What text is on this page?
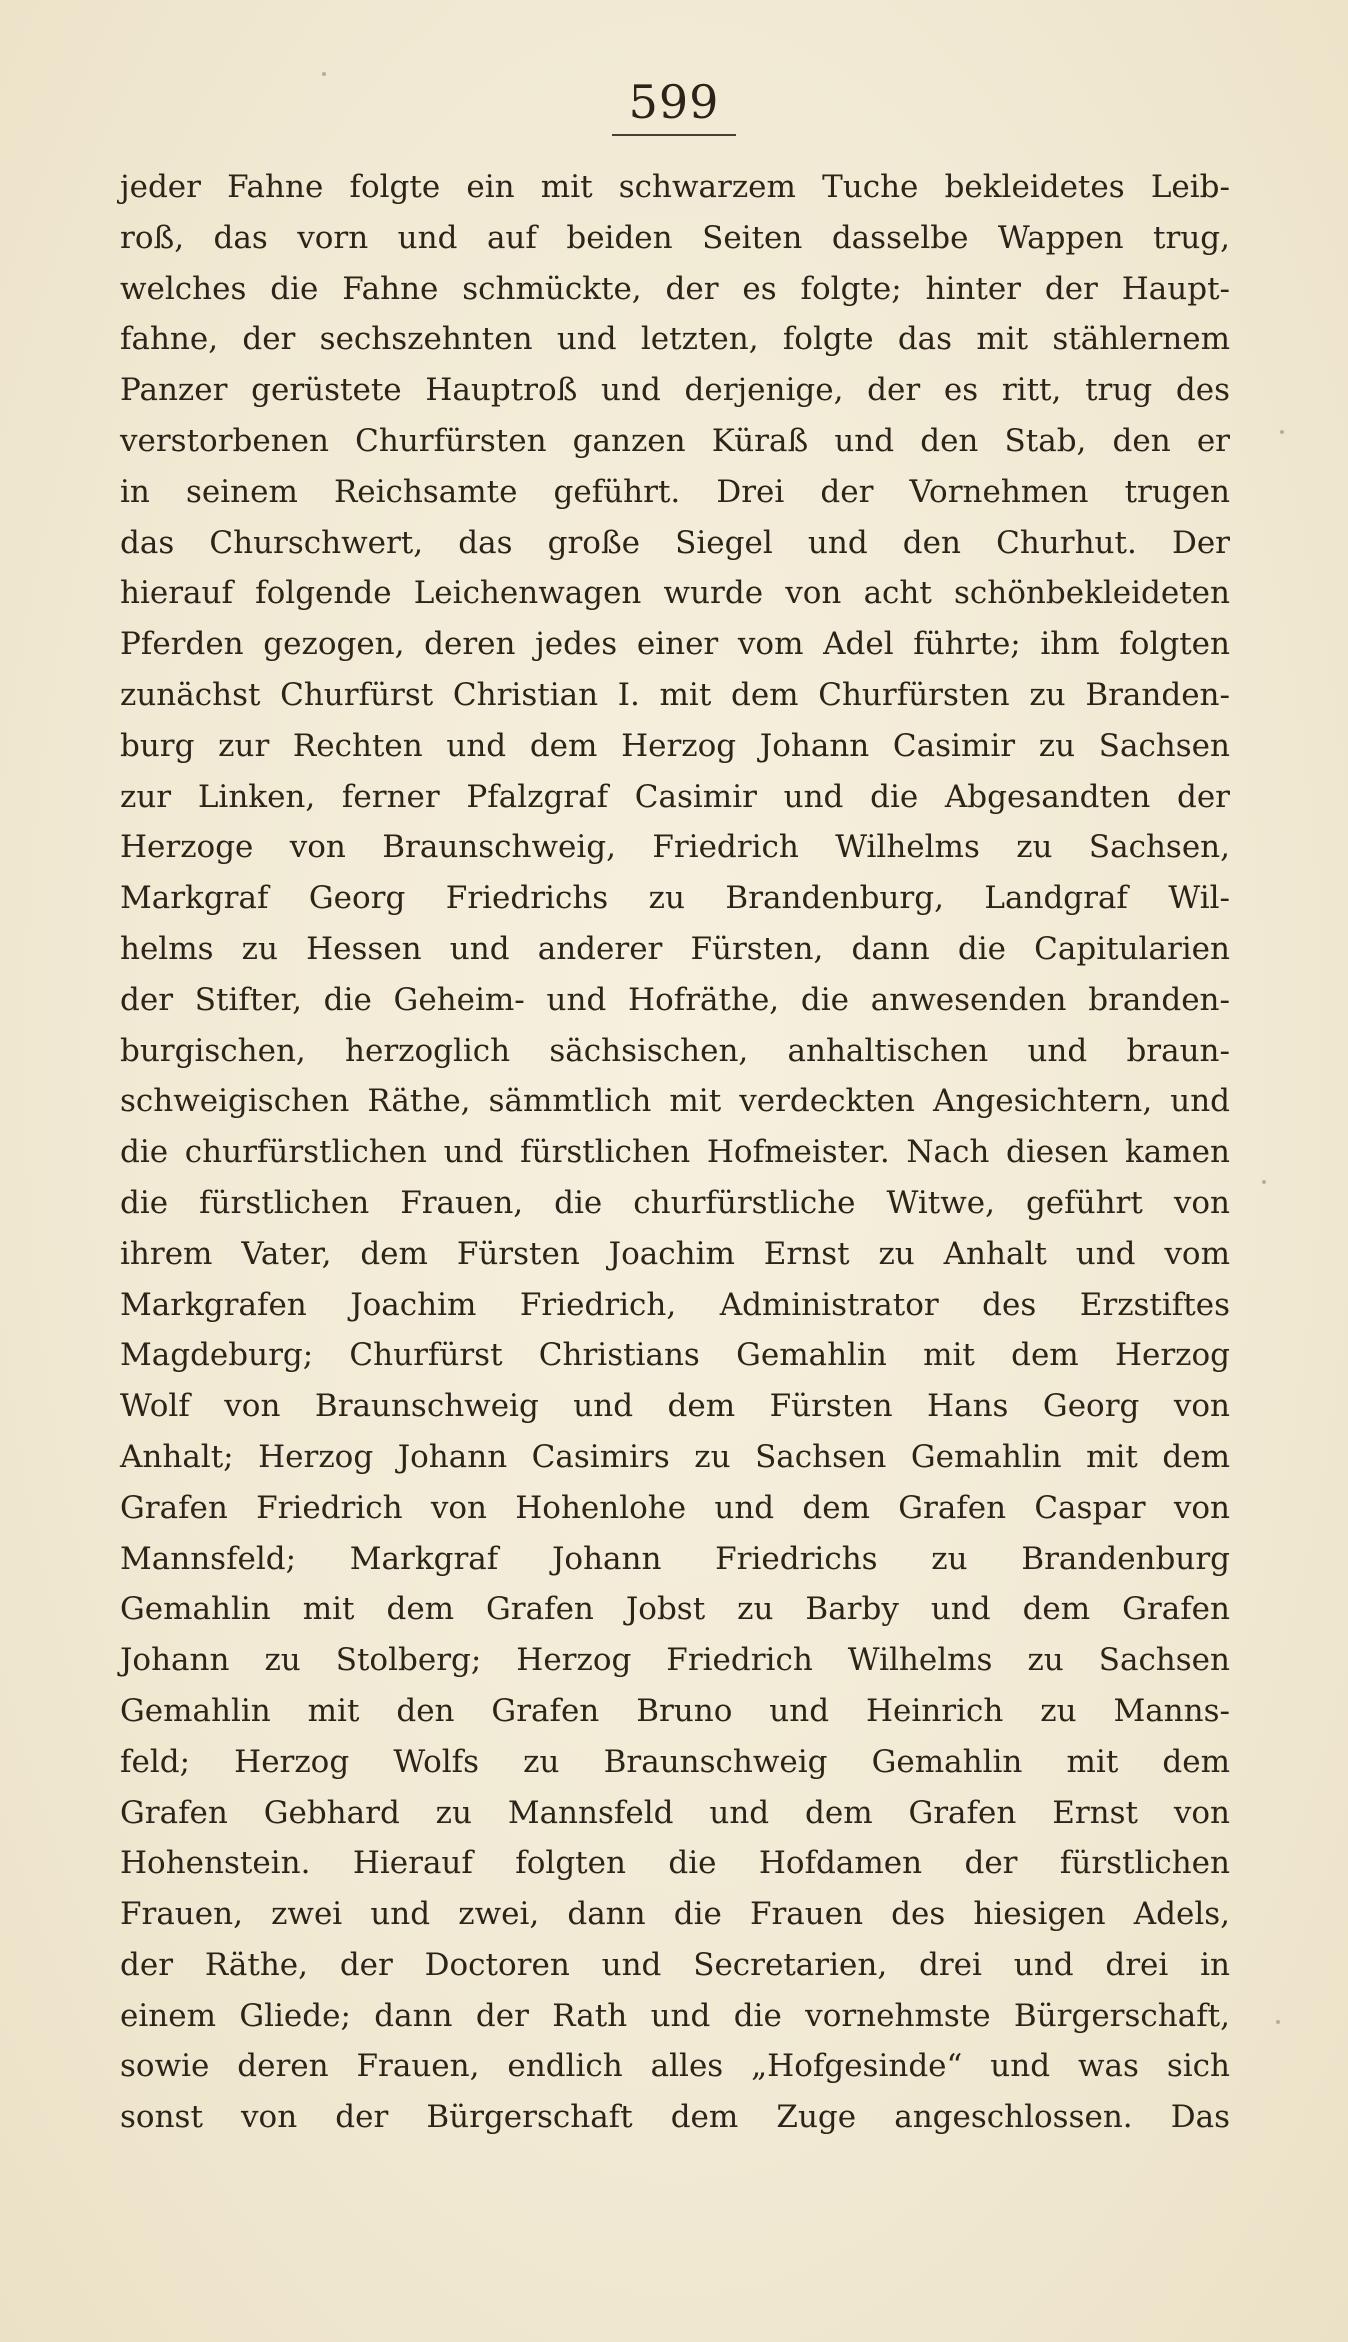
599
jeder Fahne folgte ein mit schwarzem Tuche bekleidetes Leib-
roß, das vorn und auf beiden Seiten dasselbe Wappen trug,
welches die Fahne schmückte, der es folgte; hinter der Haupt-
fahne, der sechszehnten und letzten, folgte das mit stählernem
Panzer gerüstete Hauptroß und derjenige, der es ritt, trug des
verstorbenen Churfürsten ganzen Küraß und den Stab, den er
in seinem Reichsamte geführt. Drei der Vornehmen trugen
das Churschwert, das große Siegel und den Churhut. Der
hierauf folgende Leichenwagen wurde von acht schönbekleideten
Pferden gezogen, deren jedes einer vom Adel führte; ihm folgten
zunächst Churfürst Christian I. mit dem Churfürsten zu Branden-
burg zur Rechten und dem Herzog Johann Casimir zu Sachsen
zur Linken, ferner Pfalzgraf Casimir und die Abgesandten der
Herzoge von Braunschweig, Friedrich Wilhelms zu Sachsen,
Markgraf Georg Friedrichs zu Brandenburg, Landgraf Wil-
helms zu Hessen und anderer Fürsten, dann die Capitularien
der Stifter, die Geheim- und Hofräthe, die anwesenden branden-
burgischen, herzoglich sächsischen, anhaltischen und braun-
schweigischen Räthe, sämmtlich mit verdeckten Angesichtern, und
die churfürstlichen und fürstlichen Hofmeister. Nach diesen kamen
die fürstlichen Frauen, die churfürstliche Witwe, geführt von
ihrem Vater, dem Fürsten Joachim Ernst zu Anhalt und vom
Markgrafen Joachim Friedrich, Administrator des Erzstiftes
Magdeburg; Churfürst Christians Gemahlin mit dem Herzog
Wolf von Braunschweig und dem Fürsten Hans Georg von
Anhalt; Herzog Johann Casimirs zu Sachsen Gemahlin mit dem
Grafen Friedrich von Hohenlohe und dem Grafen Caspar von
Mannsfeld; Markgraf Johann Friedrichs zu Brandenburg
Gemahlin mit dem Grafen Jobst zu Barby und dem Grafen
Johann zu Stolberg; Herzog Friedrich Wilhelms zu Sachsen
Gemahlin mit den Grafen Bruno und Heinrich zu Manns-
feld; Herzog Wolfs zu Braunschweig Gemahlin mit dem
Grafen Gebhard zu Mannsfeld und dem Grafen Ernst von
Hohenstein. Hierauf folgten die Hofdamen der fürstlichen
Frauen, zwei und zwei, dann die Frauen des hiesigen Adels,
der Räthe, der Doctoren und Secretarien, drei und drei in
einem Gliede; dann der Rath und die vornehmste Bürgerschaft,
sowie deren Frauen, endlich alles „Hofgesinde“ und was sich
sonst von der Bürgerschaft dem Zuge angeschlossen. Das
